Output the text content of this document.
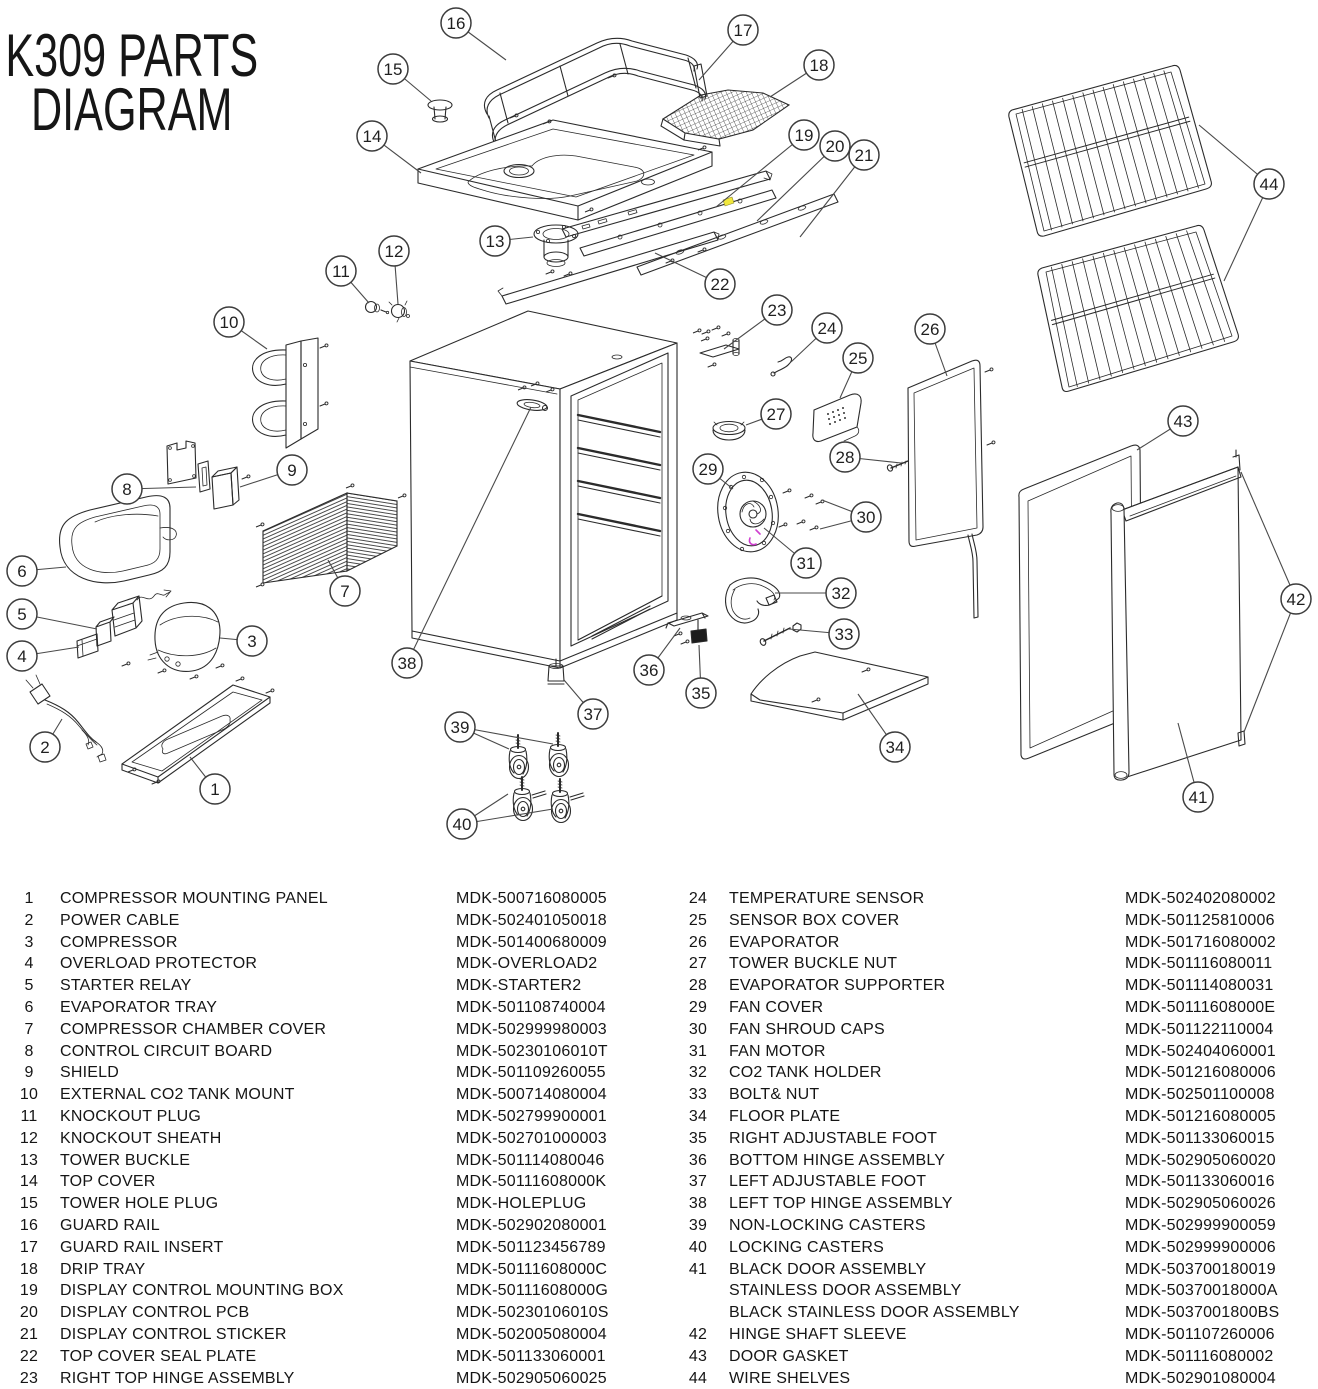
K309 PARTS
DIAGRAM
1
2
3
4
5
6
7
8
9
10
11
12
13
14
15
16	17
18
19
20 21
22
23
24
25
26
27
28
29
30
31
32
33
34
35
36
37
38
39
40
41
42
43
44
1	COMPRESSOR MOUNTING PANEL	MDK-500716080005
2	POWER CABLE	MDK-502401050018
3	COMPRESSOR	MDK-501400680009
4	OVERLOAD PROTECTOR	MDK-OVERLOAD2
5	STARTER RELAY	MDK-STARTER2
6	EVAPORATOR TRAY	MDK-501108740004
7	COMPRESSOR CHAMBER COVER	MDK-502999980003
8	CONTROL CIRCUIT BOARD	MDK-50230106010T
9	SHIELD	MDK-501109260055
10	EXTERNAL CO2 TANK MOUNT	MDK-500714080004
11	KNOCKOUT PLUG	MDK-502799900001
12	KNOCKOUT SHEATH	MDK-502701000003
13	TOWER BUCKLE	MDK-501114080046
14	TOP COVER	MDK-50111608000K
15	TOWER HOLE PLUG	MDK-HOLEPLUG
16	GUARD RAIL	MDK-502902080001
17	GUARD RAIL INSERT	MDK-501123456789
18	DRIP TRAY	MDK-50111608000C
19	DISPLAY CONTROL MOUNTING BOX	MDK-50111608000G
20	DISPLAY CONTROL PCB	MDK-50230106010S
21	DISPLAY CONTROL STICKER	MDK-502005080004
22	TOP COVER SEAL PLATE	MDK-501133060001
23	RIGHT TOP HINGE ASSEMBLY	MDK-502905060025
24	TEMPERATURE SENSOR	MDK-502402080002
25	SENSOR BOX COVER	MDK-501125810006
26	EVAPORATOR	MDK-501716080002
27	TOWER BUCKLE NUT	MDK-501116080011
28	EVAPORATOR SUPPORTER	MDK-501114080031
29	FAN COVER	MDK-50111608000E
30	FAN SHROUD CAPS	MDK-501122110004
31	FAN MOTOR	MDK-502404060001
32	CO2 TANK HOLDER	MDK-501216080006
33	BOLT& NUT	MDK-502501100008
34	FLOOR PLATE	MDK-501216080005
35	RIGHT ADJUSTABLE FOOT	MDK-501133060015
36	BOTTOM HINGE ASSEMBLY	MDK-502905060020
37	LEFT ADJUSTABLE FOOT	MDK-501133060016
38	LEFT TOP HINGE ASSEMBLY	MDK-502905060026
39	NON-LOCKING CASTERS	MDK-502999900059
40	LOCKING CASTERS	MDK-502999900006
41	BLACK DOOR ASSEMBLY	MDK-503700180019
STAINLESS DOOR ASSEMBLY	MDK-50370018000A
BLACK STAINLESS DOOR ASSEMBLY	MDK-5037001800BS
42	HINGE SHAFT SLEEVE	MDK-501107260006
43	DOOR GASKET	MDK-501116080002
44	WIRE SHELVES	MDK-502901080004
